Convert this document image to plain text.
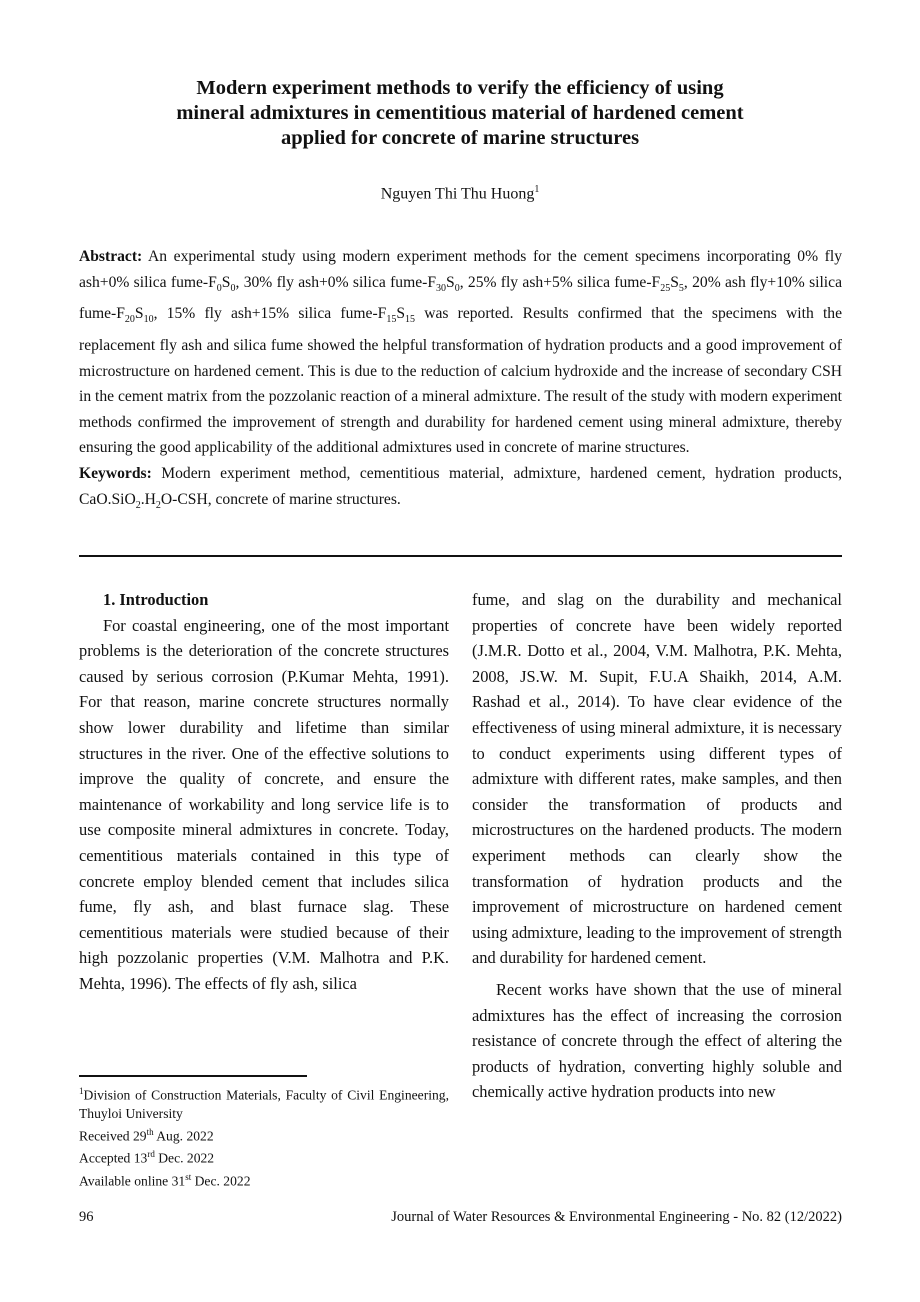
Modern experiment methods to verify the efficiency of using
mineral admixtures in cementitious material of hardened cement
applied for concrete of marine structures
Nguyen Thi Thu Huong$^1$
Abstract: An experimental study using modern experiment methods for the cement specimens incorporating 0% fly ash+0% silica fume-$F_0S_0$, 30% fly ash+0% silica fume-$F_{30}S_0$, 25% fly ash+5% silica fume-$F_{25}S_5$, 20% ash fly+10% silica fume-$F_{20}S_{10}$, 15% fly ash+15% silica fume-$F_{15}S_{15}$ was reported. Results confirmed that the specimens with the replacement fly ash and silica fume showed the helpful transformation of hydration products and a good improvement of microstructure on hardened cement. This is due to the reduction of calcium hydroxide and the increase of secondary CSH in the cement matrix from the pozzolanic reaction of a mineral admixture. The result of the study with modern experiment methods confirmed the improvement of strength and durability for hardened cement using mineral admixture, thereby ensuring the good applicability of the additional admixtures used in concrete of marine structures.
Keywords: Modern experiment method, cementitious material, admixture, hardened cement, hydration products, $CaO.SiO_2.H_2O$-CSH, concrete of marine structures.
1. Introduction

For coastal engineering, one of the most important problems is the deterioration of the concrete structures caused by serious corrosion (P.Kumar Mehta, 1991). For that reason, marine concrete structures normally show lower durability and lifetime than similar structures in the river. One of the effective solutions to improve the quality of concrete, and ensure the maintenance of workability and long service life is to use composite mineral admixtures in concrete. Today, cementitious materials contained in this type of concrete employ blended cement that includes silica fume, fly ash, and blast furnace slag. These cementitious materials were studied because of their high pozzolanic properties (V.M. Malhotra and P.K. Mehta, 1996). The effects of fly ash, silica

fume, and slag on the durability and mechanical properties of concrete have been widely reported (J.M.R. Dotto et al., 2004, V.M. Malhotra, P.K. Mehta, 2008, JS.W. M. Supit, F.U.A Shaikh, 2014, A.M. Rashad et al., 2014). To have clear evidence of the effectiveness of using mineral admixture, it is necessary to conduct experiments using different types of admixture with different rates, make samples, and then consider the transformation of products and microstructures on the hardened products. The modern experiment methods can clearly show the transformation of hydration products and the improvement of microstructure on hardened cement using admixture, leading to the improvement of strength and durability for hardened cement.

Recent works have shown that the use of mineral admixtures has the effect of increasing the corrosion resistance of concrete through the effect of altering the products of hydration, converting highly soluble and chemically active hydration products into new

$^1$Division of Construction Materials, Faculty of Civil Engineering, Thuyloi University
Received 29th Aug. 2022
Accepted 13rd Dec. 2022
Available online 31st Dec. 2022
96	Journal of Water Resources & Environmental Engineering - No. 82 (12/2022)
